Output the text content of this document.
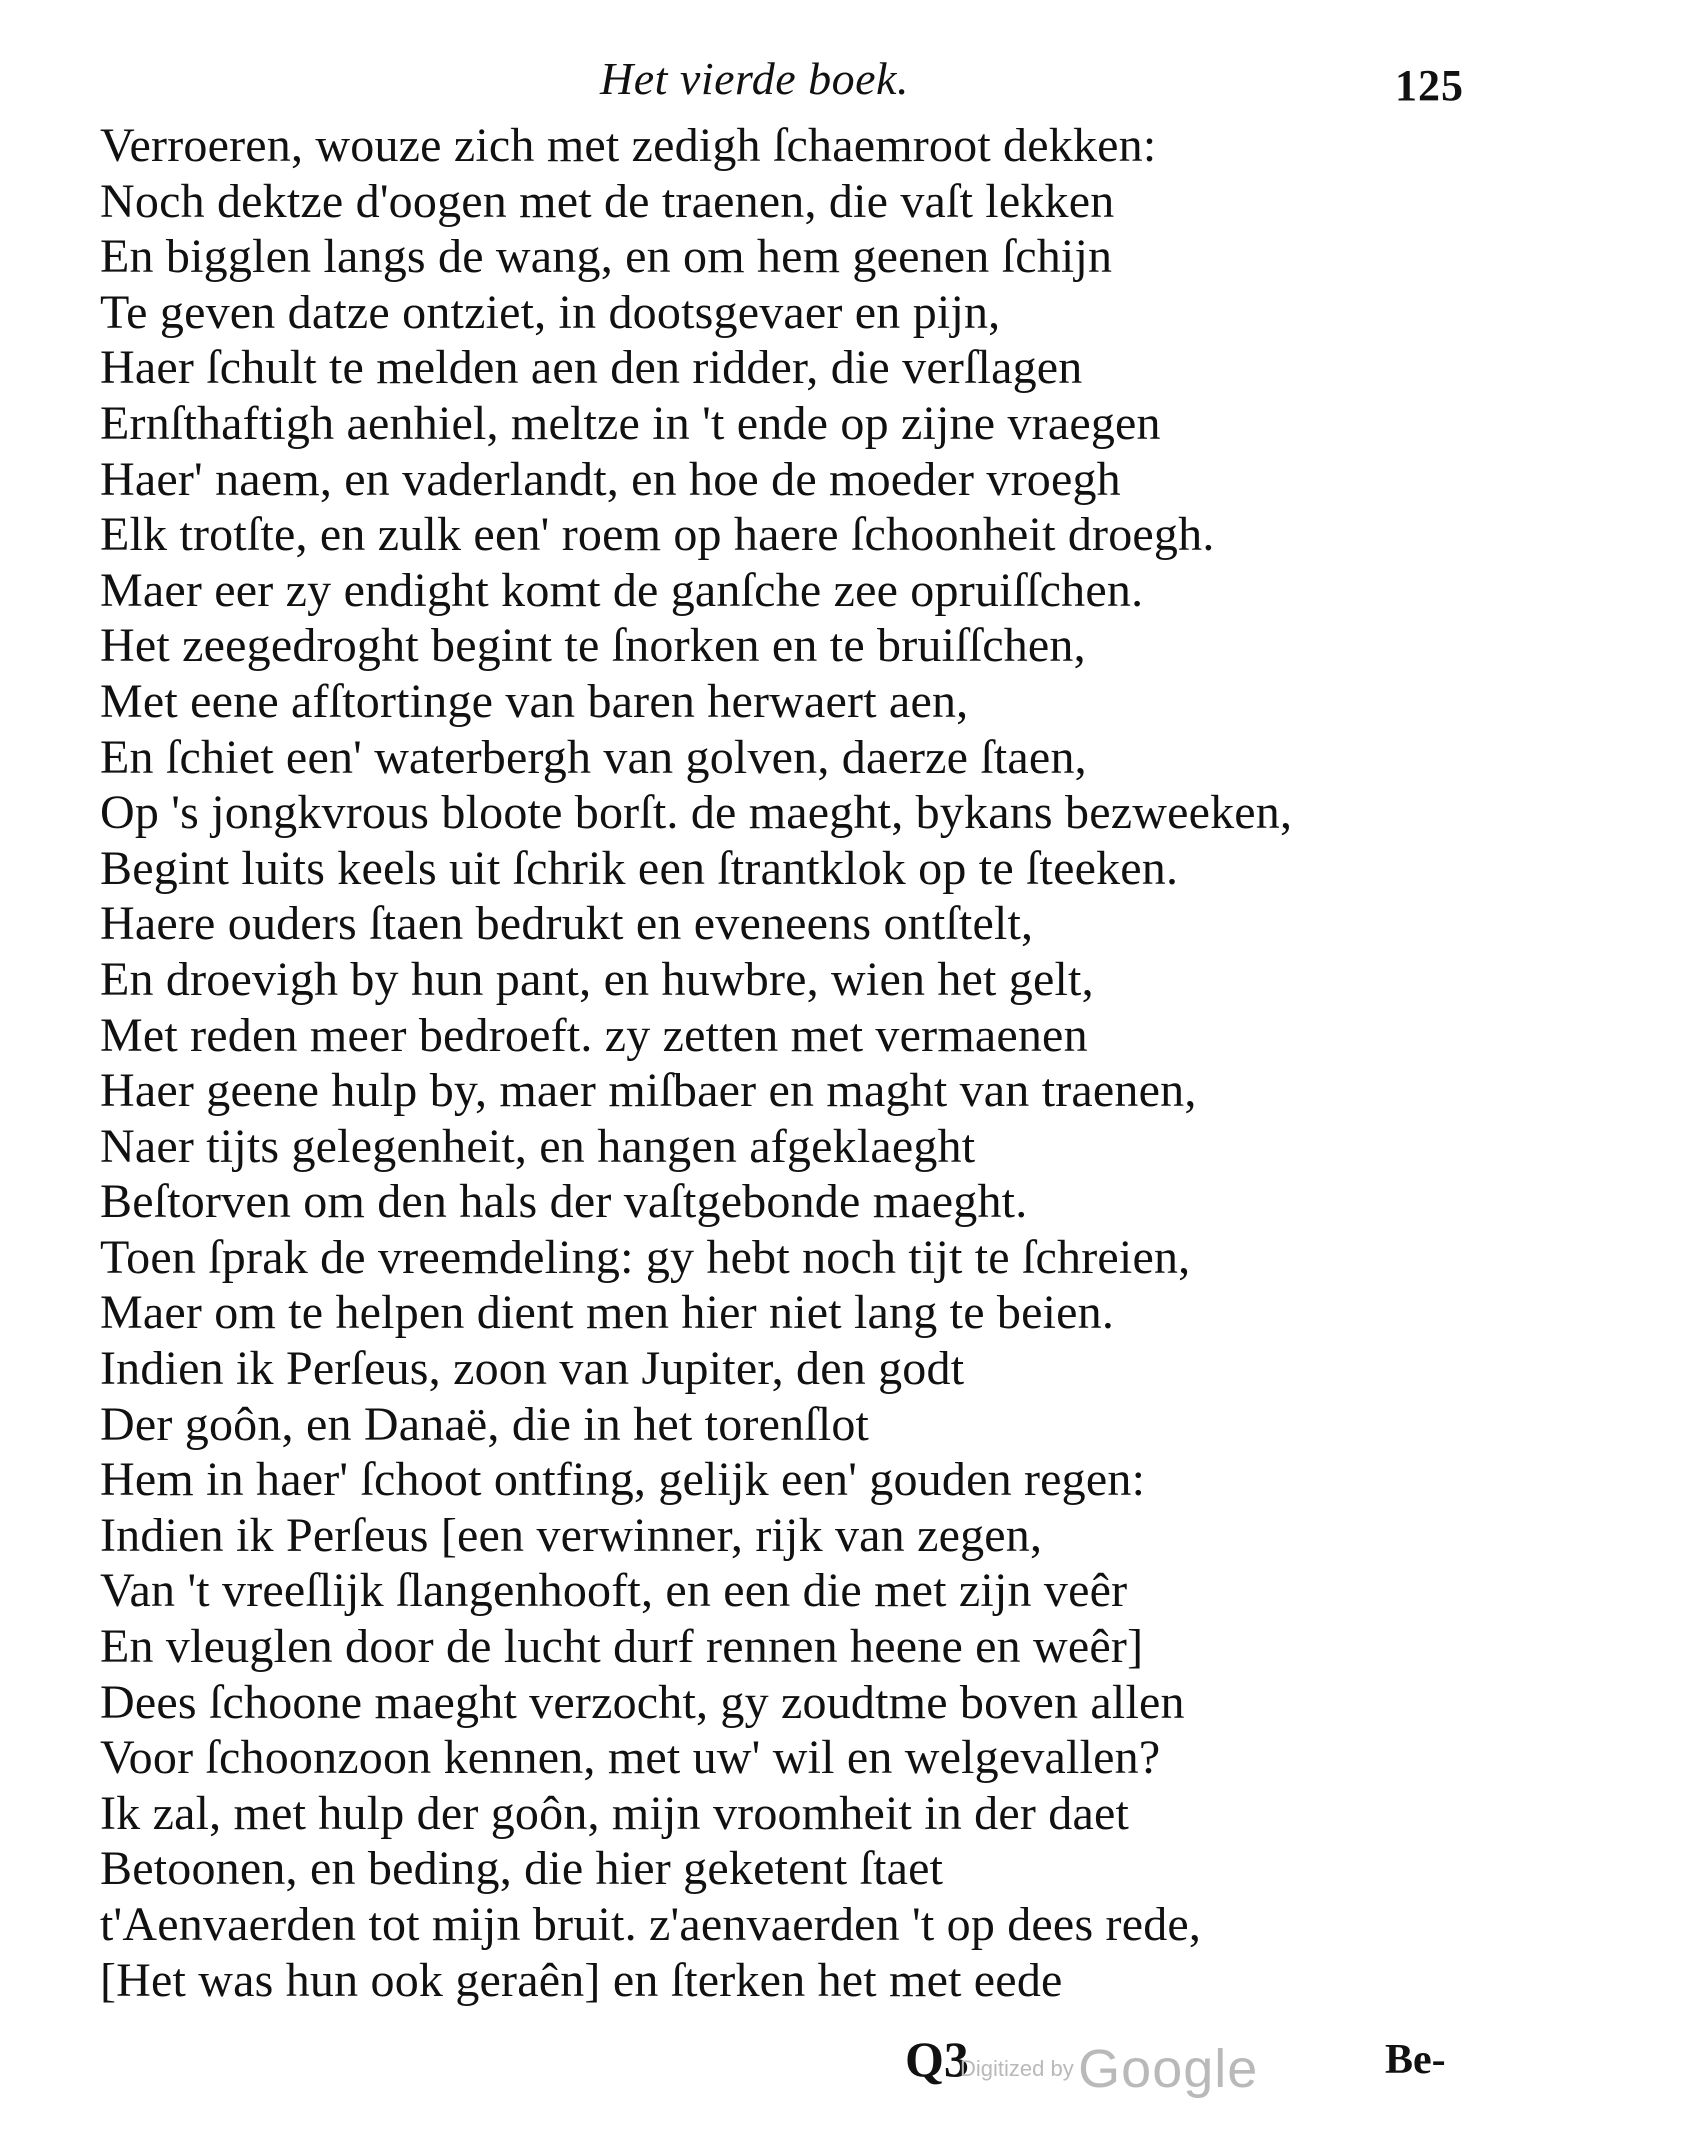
Het vierde boek.	125
Verroeren, wouze zich met zedigh ſchaemroot dekken:
Noch dektze d'oogen met de traenen, die vaſt lekken
En bigglen langs de wang, en om hem geenen ſchijn
Te geven datze ontziet, in dootsgevaer en pijn,
Haer ſchult te melden aen den ridder, die verſlagen
Ernſthaftigh aenhiel, meltze in 't ende op zijne vraegen
Haer' naem, en vaderlandt, en hoe de moeder vroegh
Elk trotſte, en zulk een' roem op haere ſchoonheit droegh.
Maer eer zy endight komt de ganſche zee opruiſſchen.
Het zeegedroght begint te ſnorken en te bruiſſchen,
Met eene afſtortinge van baren herwaert aen,
En ſchiet een' waterbergh van golven, daerze ſtaen,
Op 's jongkvrous bloote borſt. de maeght, bykans bezweeken,
Begint luits keels uit ſchrik een ſtrantklok op te ſteeken.
Haere ouders ſtaen bedrukt en eveneens ontſtelt,
En droevigh by hun pant, en huwbre, wien het gelt,
Met reden meer bedroeft. zy zetten met vermaenen
Haer geene hulp by, maer miſbaer en maght van traenen,
Naer tijts gelegenheit, en hangen afgeklaeght
Beſtorven om den hals der vaſtgebonde maeght.
Toen ſprak de vreemdeling: gy hebt noch tijt te ſchreien,
Maer om te helpen dient men hier niet lang te beien.
Indien ik Perſeus, zoon van Jupiter, den godt
Der goôn, en Danaë, die in het torenſlot
Hem in haer' ſchoot ontfing, gelijk een' gouden regen:
Indien ik Perſeus [een verwinner, rijk van zegen,
Van 't vreeſlijk ſlangenhooft, en een die met zijn veêr
En vleuglen door de lucht durf rennen heene en weêr]
Dees ſchoone maeght verzocht, gy zoudtme boven allen
Voor ſchoonzoon kennen, met uw' wil en welgevallen?
Ik zal, met hulp der goôn, mijn vroomheit in der daet
Betoonen, en beding, die hier geketent ſtaet
t'Aenvaerden tot mijn bruit. z'aenvaerden 't op dees rede,
[Het was hun ook geraên] en ſterken het met eede
Q3
Digitized by Google	Be-
